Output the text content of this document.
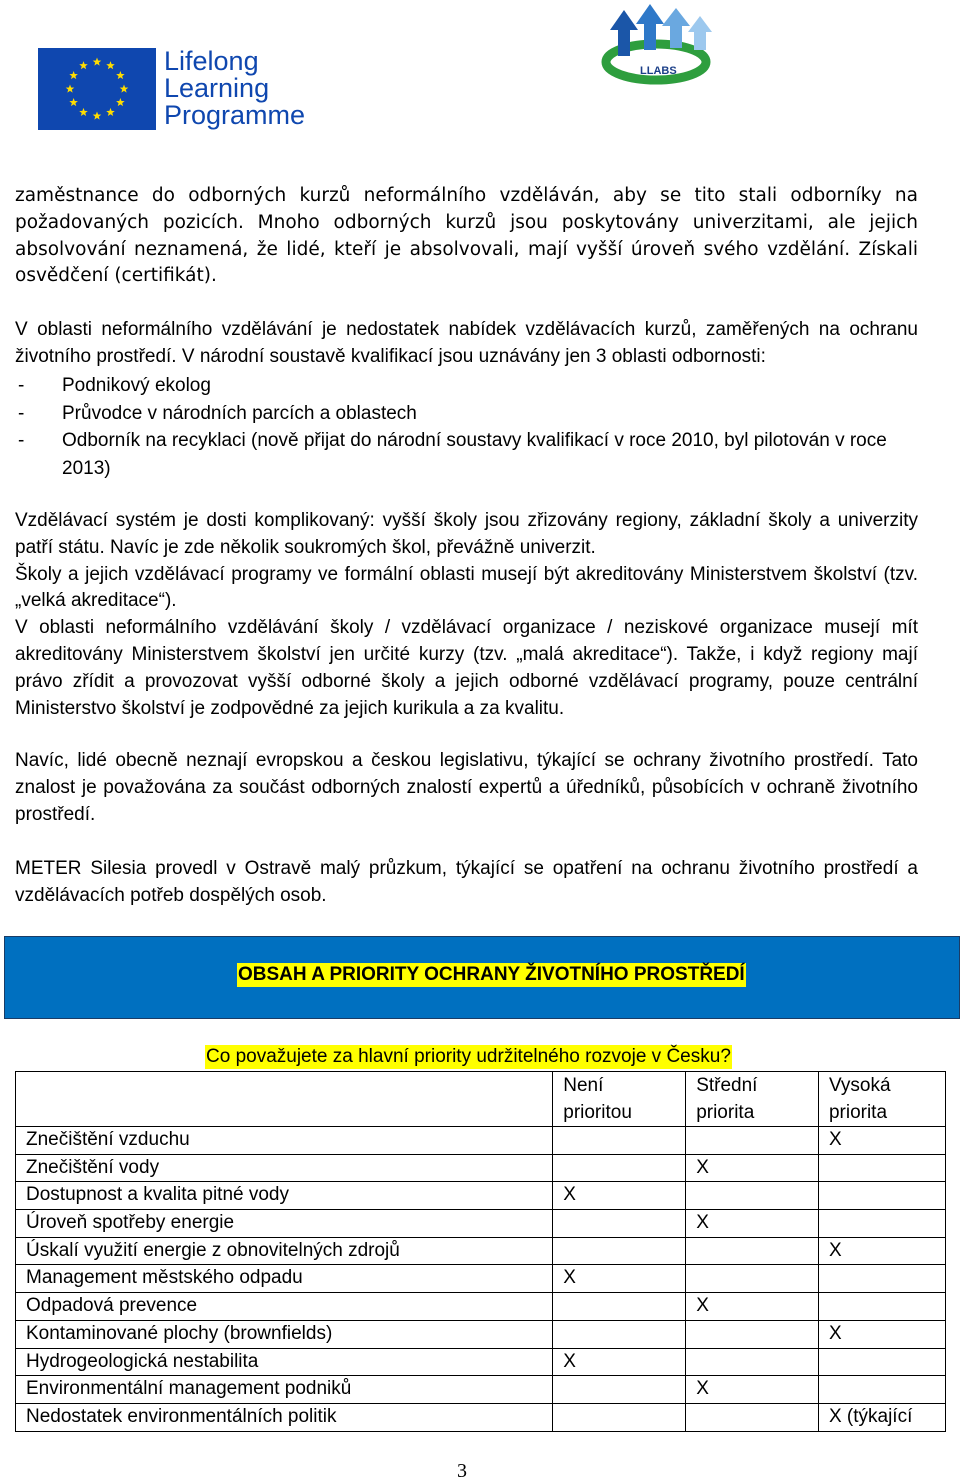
Lifelong
Learning
Programme
LLABS

zaměstnance do odborných kurzů neformálního vzděláván, aby se tito stali odborníky na požadovaných pozicích. Mnoho odborných kurzů jsou poskytovány univerzitami, ale jejich absolvování neznamená, že lidé, kteří je absolvovali, mají vyšší úroveň svého vzdělání. Získali osvědčení (certifikát).

V oblasti neformálního vzdělávání je nedostatek nabídek vzdělávacích kurzů, zaměřených na ochranu životního prostředí. V národní soustavě kvalifikací jsou uznávány jen 3 oblasti odbornosti:

-	Podnikový ekolog
-	Průvodce v národních parcích a oblastech
-	Odborník na recyklaci (nově přijat do národní soustavy kvalifikací v roce 2010, byl pilotován v roce 2013)

Vzdělávací systém je dosti komplikovaný: vyšší školy jsou zřizovány regiony, základní školy a univerzity patří státu. Navíc je zde několik soukromých škol, převážně univerzit.

Školy a jejich vzdělávací programy ve formální oblasti musejí být akreditovány Ministerstvem školství (tzv. „velká akreditace“).

V oblasti neformálního vzdělávání školy / vzdělávací organizace / neziskové organizace musejí mít akreditovány Ministerstvem školství jen určité kurzy (tzv. „malá akreditace“). Takže, i když regiony mají právo zřídit a provozovat vyšší odborné školy a jejich odborné vzdělávací programy, pouze centrální Ministerstvo školství je zodpovědné za jejich kurikula a za kvalitu.

Navíc, lidé obecně neznají evropskou a českou legislativu, týkající se ochrany životního prostředí. Tato znalost je považována za součást odborných znalostí expertů a úředníků, působících v ochraně životního prostředí.

METER Silesia provedl v Ostravě malý průzkum, týkající se opatření na ochranu životního prostředí a vzdělávacích potřeb dospělých osob.

OBSAH A PRIORITY OCHRANY ŽIVOTNÍHO PROSTŘEDÍ
Co považujete za hlavní priority udržitelného rozvoje v Česku?
	Není prioritou	Střední priorita	Vysoká priorita
Znečištění vzduchu			X
Znečištění vody		X	
Dostupnost a kvalita pitné vody	X		
Úroveň spotřeby energie		X	
Úskalí využití energie z obnovitelných zdrojů			X
Management městského odpadu	X		
Odpadová prevence		X	
Kontaminované plochy (brownfields)			X
Hydrogeologická nestabilita	X		
Environmentální management podniků		X	
Nedostatek environmentálních politik			X (týkající
3
